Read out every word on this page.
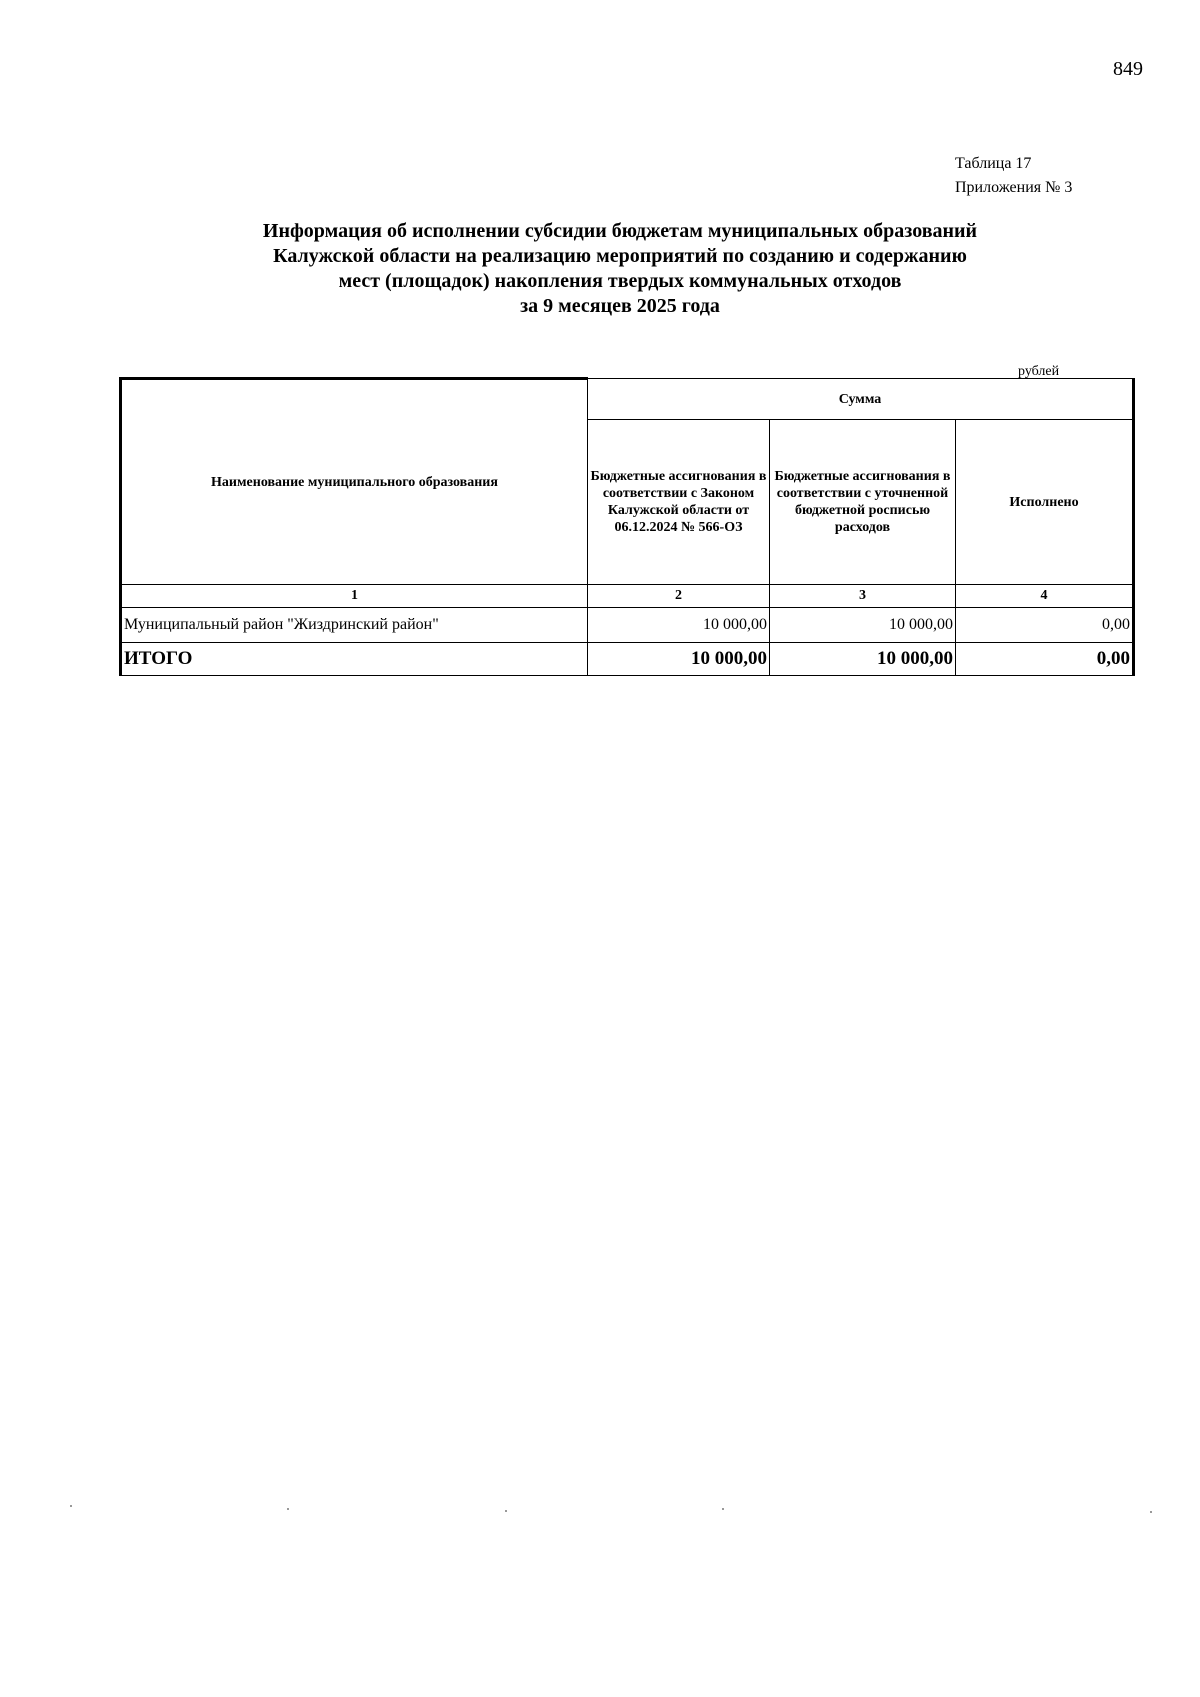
849
Таблица 17
Приложения № 3
Информация об исполнении субсидии бюджетам муниципальных образований
Калужской области на реализацию мероприятий по созданию и содержанию
мест (площадок) накопления твердых коммунальных отходов
за 9 месяцев 2025 года
рублей
Наименование муниципального образования	Сумма		
	Бюджетные ассигнования в соответствии с Законом Калужской области от 06.12.2024 № 566-ОЗ	Бюджетные ассигнования в соответствии с уточненной бюджетной росписью расходов	Исполнено
1	2	3	4
Муниципальный район "Жиздринский район"	10 000,00	10 000,00	0,00
ИТОГО	10 000,00	10 000,00	0,00
